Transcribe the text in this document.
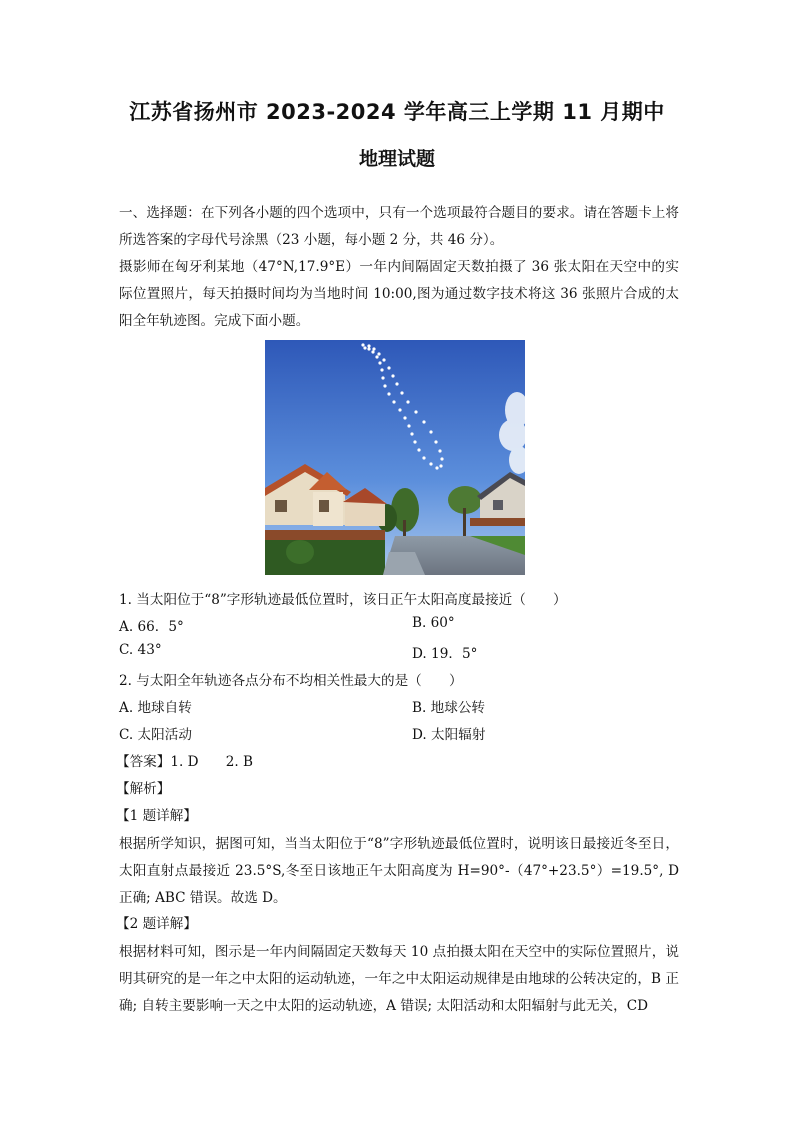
江苏省扬州市 2023-2024 学年高三上学期 11 月期中
地理试题
一、选择题：在下列各小题的四个选项中，只有一个选项最符合题目的要求。请在答题卡上将所选答案的字母代号涂黑（23 小题，每小题 2 分，共 46 分）。
摄影师在匈牙利某地（47°N,17.9°E）一年内间隔固定天数拍摄了 36 张太阳在天空中的实际位置照片，每天拍摄时间均为当地时间 10:00,图为通过数字技术将这 36 张照片合成的太阳全年轨迹图。完成下面小题。
1. 当太阳位于“8”字形轨迹最低位置时，该日正午太阳高度最接近（　　）
A. 66．5°	B. 60°
C. 43°	D. 19．5°
2. 与太阳全年轨迹各点分布不均相关性最大的是（　　）
A. 地球自转	B. 地球公转
C. 太阳活动	D. 太阳辐射
【答案】1. D　　2. B
【解析】
【1 题详解】
根据所学知识，据图可知，当当太阳位于“8”字形轨迹最低位置时，说明该日最接近冬至日，太阳直射点最接近 23.5°S,冬至日该地正午太阳高度为 H=90°-（47°+23.5°）=19.5°, D 正确; ABC 错误。故选 D。
【2 题详解】
根据材料可知，图示是一年内间隔固定天数每天 10 点拍摄太阳在天空中的实际位置照片，说明其研究的是一年之中太阳的运动轨迹，一年之中太阳运动规律是由地球的公转决定的，B 正确; 自转主要影响一天之中太阳的运动轨迹，A 错误; 太阳活动和太阳辐射与此无关，CD
